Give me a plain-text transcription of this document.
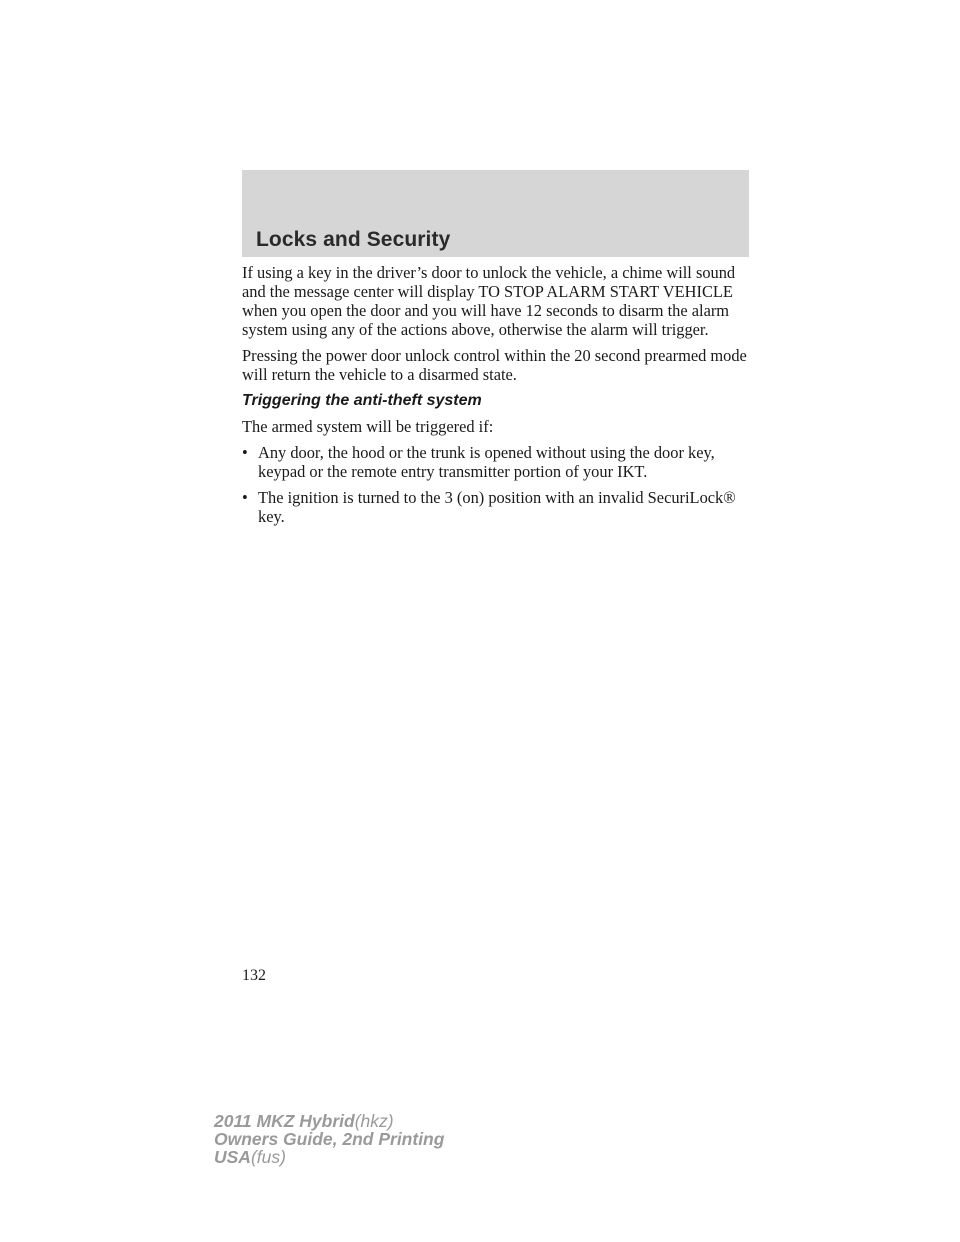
Locks and Security

If using a key in the driver’s door to unlock the vehicle, a chime will sound and the message center will display TO STOP ALARM START VEHICLE when you open the door and you will have 12 seconds to disarm the alarm system using any of the actions above, otherwise the alarm will trigger.

Pressing the power door unlock control within the 20 second prearmed mode will return the vehicle to a disarmed state.

Triggering the anti-theft system

The armed system will be triggered if:

• Any door, the hood or the trunk is opened without using the door key, keypad or the remote entry transmitter portion of your IKT.
• The ignition is turned to the 3 (on) position with an invalid SecuriLock® key.
132
2011 MKZ Hybrid(hkz)
Owners Guide, 2nd Printing
USA(fus)
